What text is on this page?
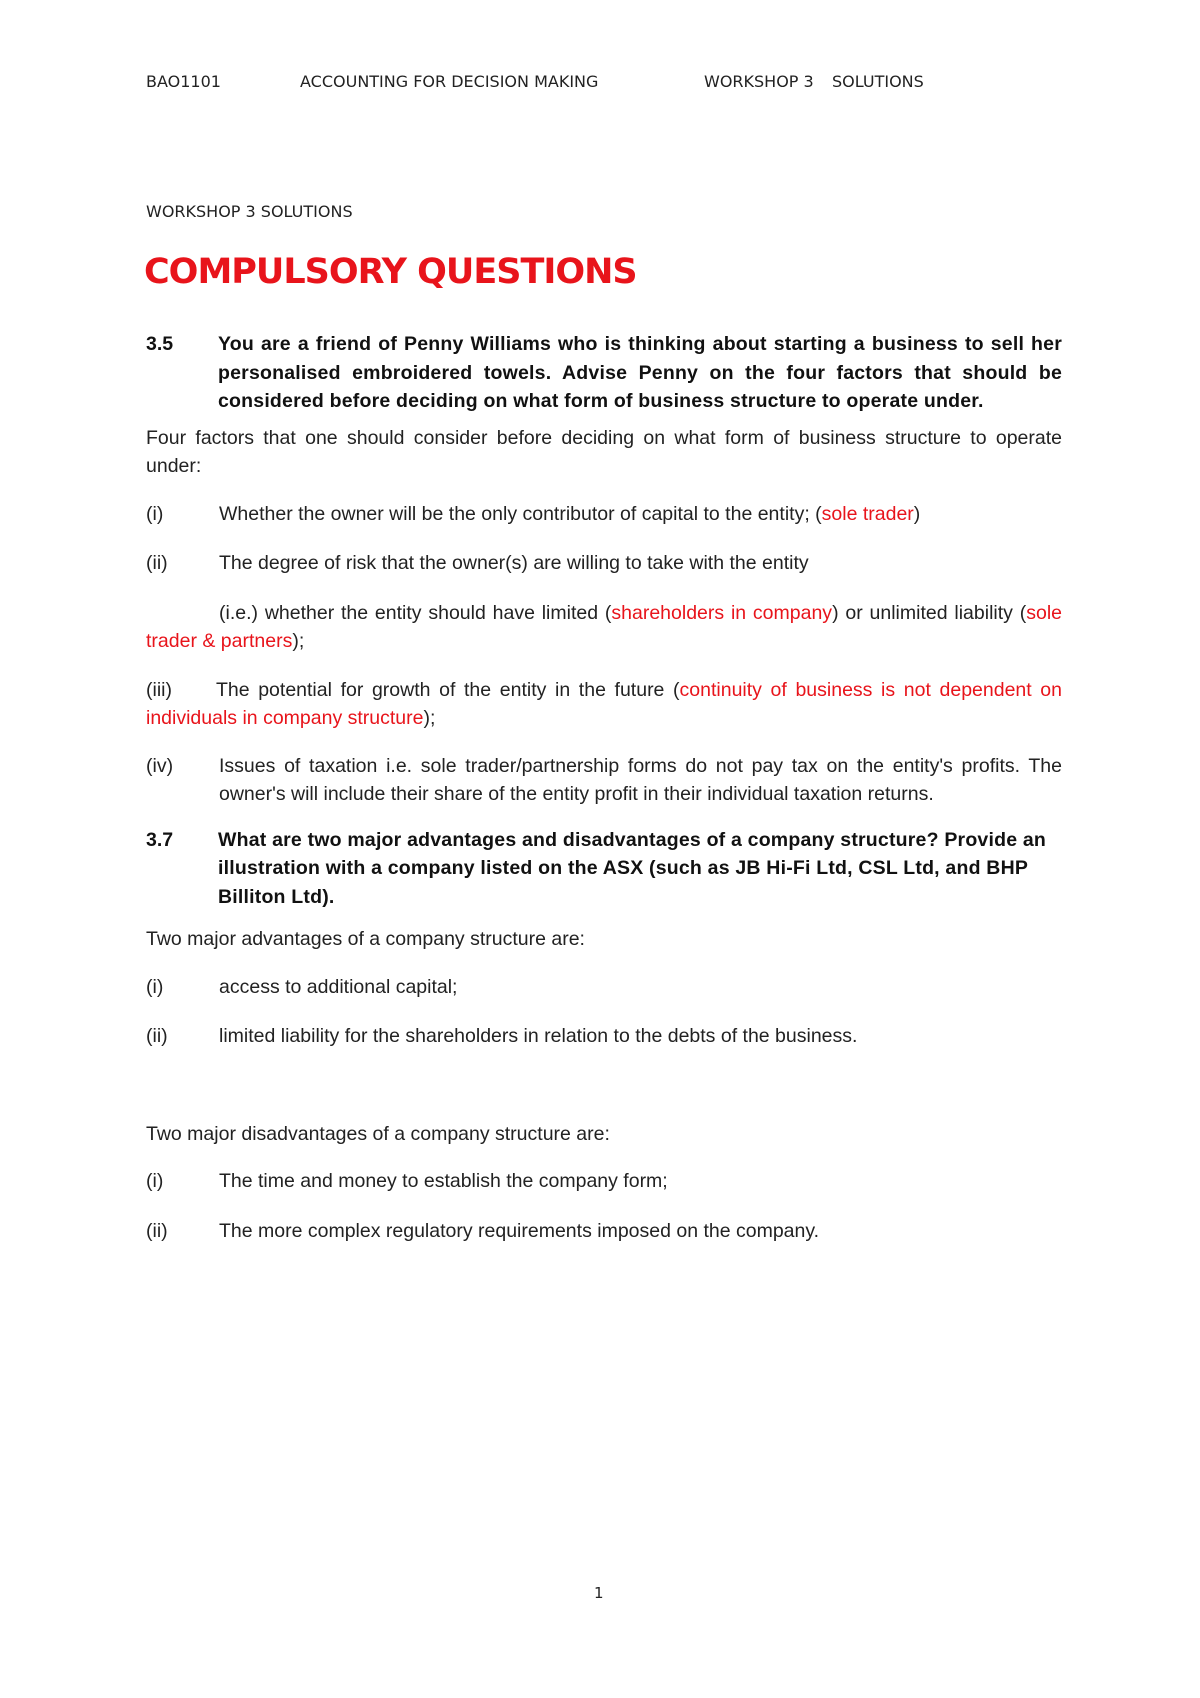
BAO1101	ACCOUNTING FOR DECISION MAKING	WORKSHOP 3 SOLUTIONS
WORKSHOP 3 SOLUTIONS
COMPULSORY QUESTIONS
3.5	You are a friend of Penny Williams who is thinking about starting a business to sell her personalised embroidered towels. Advise Penny on the four factors that should be considered before deciding on what form of business structure to operate under.

Four factors that one should consider before deciding on what form of business structure to operate under:

(i)	Whether the owner will be the only contributor of capital to the entity; (sole trader)
(ii)	The degree of risk that the owner(s) are willing to take with the entity

(i.e.) whether the entity should have limited (shareholders in company) or unlimited liability (sole trader & partners);

(iii) The potential for growth of the entity in the future (continuity of business is not dependent on individuals in company structure);

(iv)	Issues of taxation i.e. sole trader/partnership forms do not pay tax on the entity's profits. The owner's will include their share of the entity profit in their individual taxation returns.
3.7	What are two major advantages and disadvantages of a company structure? Provide an illustration with a company listed on the ASX (such as JB Hi-Fi Ltd, CSL Ltd, and BHP Billiton Ltd).

Two major advantages of a company structure are:

(i)	access to additional capital;
(ii)	limited liability for the shareholders in relation to the debts of the business.

Two major disadvantages of a company structure are:

(i)	The time and money to establish the company form;
(ii)	The more complex regulatory requirements imposed on the company.
1
